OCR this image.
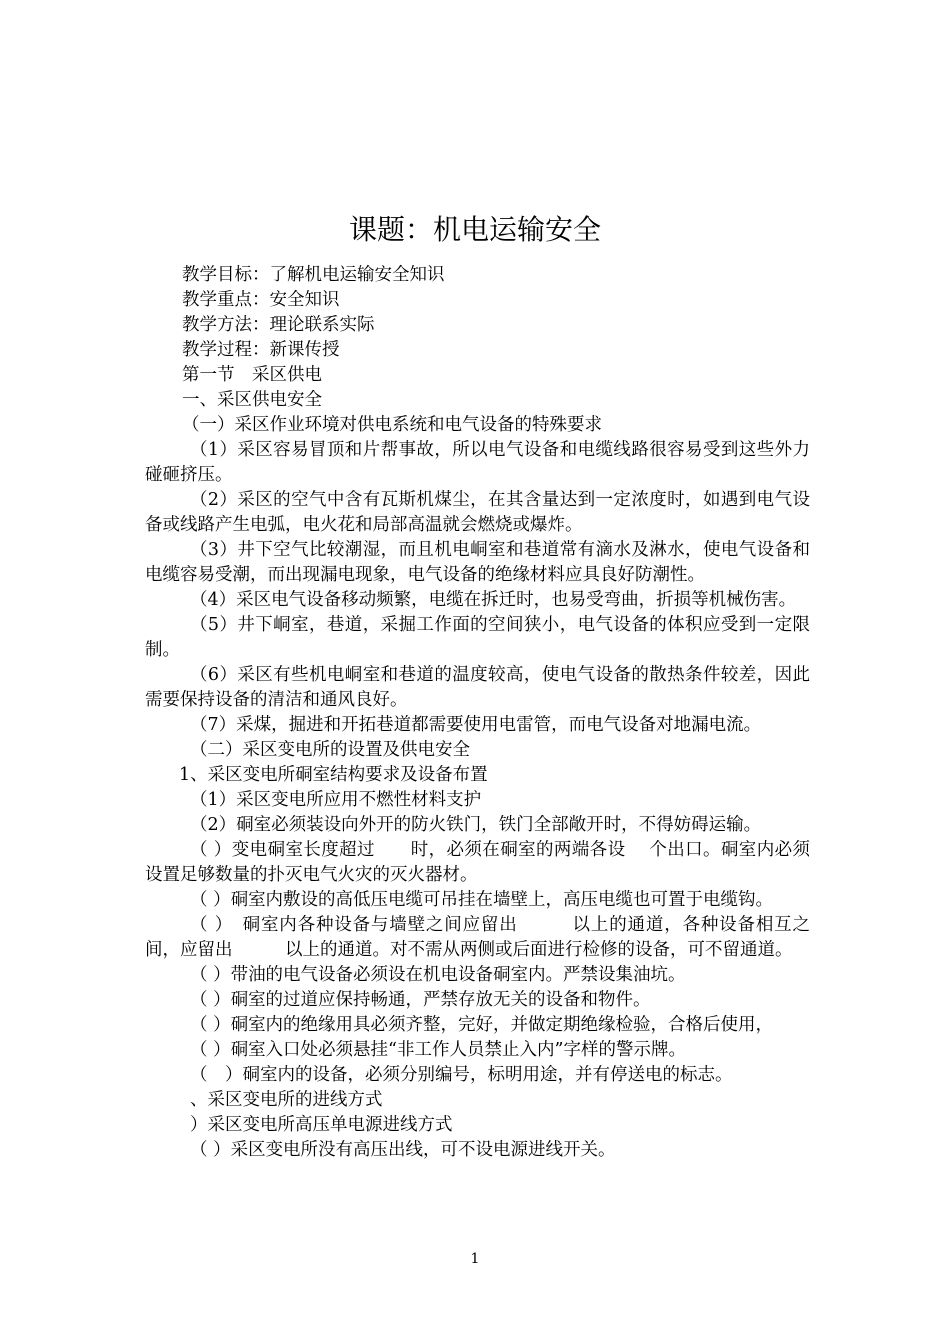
课题：机电运输安全

教学目标：了解机电运输安全知识

教学重点：安全知识

教学方法：理论联系实际

教学过程：新课传授

第一节　采区供电

一、采区供电安全

（一）采区作业环境对供电系统和电气设备的特殊要求

（1）采区容易冒顶和片帮事故，所以电气设备和电缆线路很容易受到这些外力碰砸挤压。

（2）采区的空气中含有瓦斯机煤尘，在其含量达到一定浓度时，如遇到电气设备或线路产生电弧，电火花和局部高温就会燃烧或爆炸。

（3）井下空气比较潮湿，而且机电峒室和巷道常有滴水及淋水，使电气设备和电缆容易受潮，而出现漏电现象，电气设备的绝缘材料应具良好防潮性。

（4）采区电气设备移动频繁，电缆在拆迁时，也易受弯曲，折损等机械伤害。

（5）井下峒室，巷道，采掘工作面的空间狭小，电气设备的体积应受到一定限制。

（6）采区有些机电峒室和巷道的温度较高，使电气设备的散热条件较差，因此需要保持设备的清洁和通风良好。

（7）采煤，掘进和开拓巷道都需要使用电雷管，而电气设备对地漏电流。

（二）采区变电所的设置及供电安全

1、采区变电所硐室结构要求及设备布置

（1）采区变电所应用不燃性材料支护

（2）硐室必须装设向外开的防火铁门，铁门全部敞开时，不得妨碍运输。

（ ）变电硐室长度超过　　时，必须在硐室的两端各设　 个出口。硐室内必须设置足够数量的扑灭电气火灾的灭火器材。

（ ）硐室内敷设的高低压电缆可吊挂在墙壁上，高压电缆也可置于电缆钩。

（ ）　硐室内各种设备与墙壁之间应留出　　　以上的通道，各种设备相互之间，应留出　　　以上的通道。对不需从两侧或后面进行检修的设备，可不留通道。

（ ）带油的电气设备必须设在机电设备硐室内。严禁设集油坑。

（ ）硐室的过道应保持畅通，严禁存放无关的设备和物件。

（ ）硐室内的绝缘用具必须齐整，完好，并做定期绝缘检验，合格后使用，

（ ）硐室入口处必须悬挂“非工作人员禁止入内”字样的警示牌。

（　）硐室内的设备，必须分别编号，标明用途，并有停送电的标志。

、采区变电所的进线方式

）采区变电所高压单电源进线方式

（ ）采区变电所没有高压出线，可不设电源进线开关。

1
